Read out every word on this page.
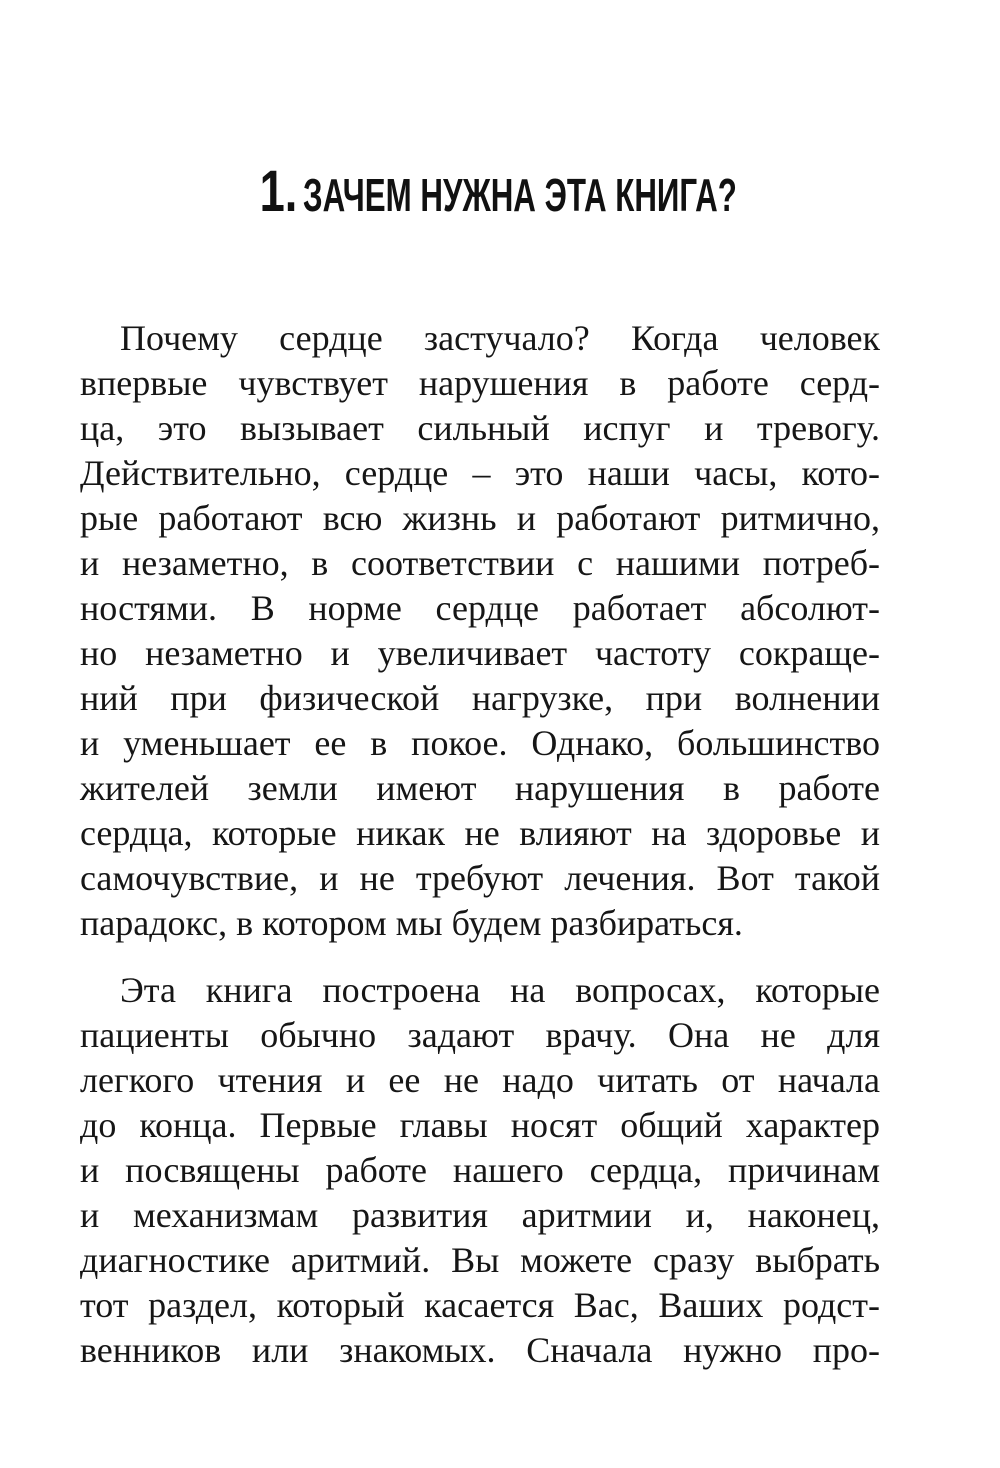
1. ЗАЧЕМ НУЖНА ЭТА КНИГА?
Почему сердце застучало? Когда человек
впервые чувствует нарушения в работе серд-
ца, это вызывает сильный испуг и тревогу.
Действительно, сердце – это наши часы, кото-
рые работают всю жизнь и работают ритмично,
и незаметно, в соответствии с нашими потреб-
ностями. В норме сердце работает абсолют-
но незаметно и увеличивает частоту сокраще-
ний при физической нагрузке, при волнении
и уменьшает ее в покое. Однако, большинство
жителей земли имеют нарушения в работе
сердца, которые никак не влияют на здоровье и
самочувствие, и не требуют лечения. Вот такой
парадокс, в котором мы будем разбираться.
Эта книга построена на вопросах, которые
пациенты обычно задают врачу. Она не для
легкого чтения и ее не надо читать от начала
до конца. Первые главы носят общий характер
и посвящены работе нашего сердца, причинам
и механизмам развития аритмии и, наконец,
диагностике аритмий. Вы можете сразу выбрать
тот раздел, который касается Вас, Ваших родст-
венников или знакомых. Сначала нужно про-
